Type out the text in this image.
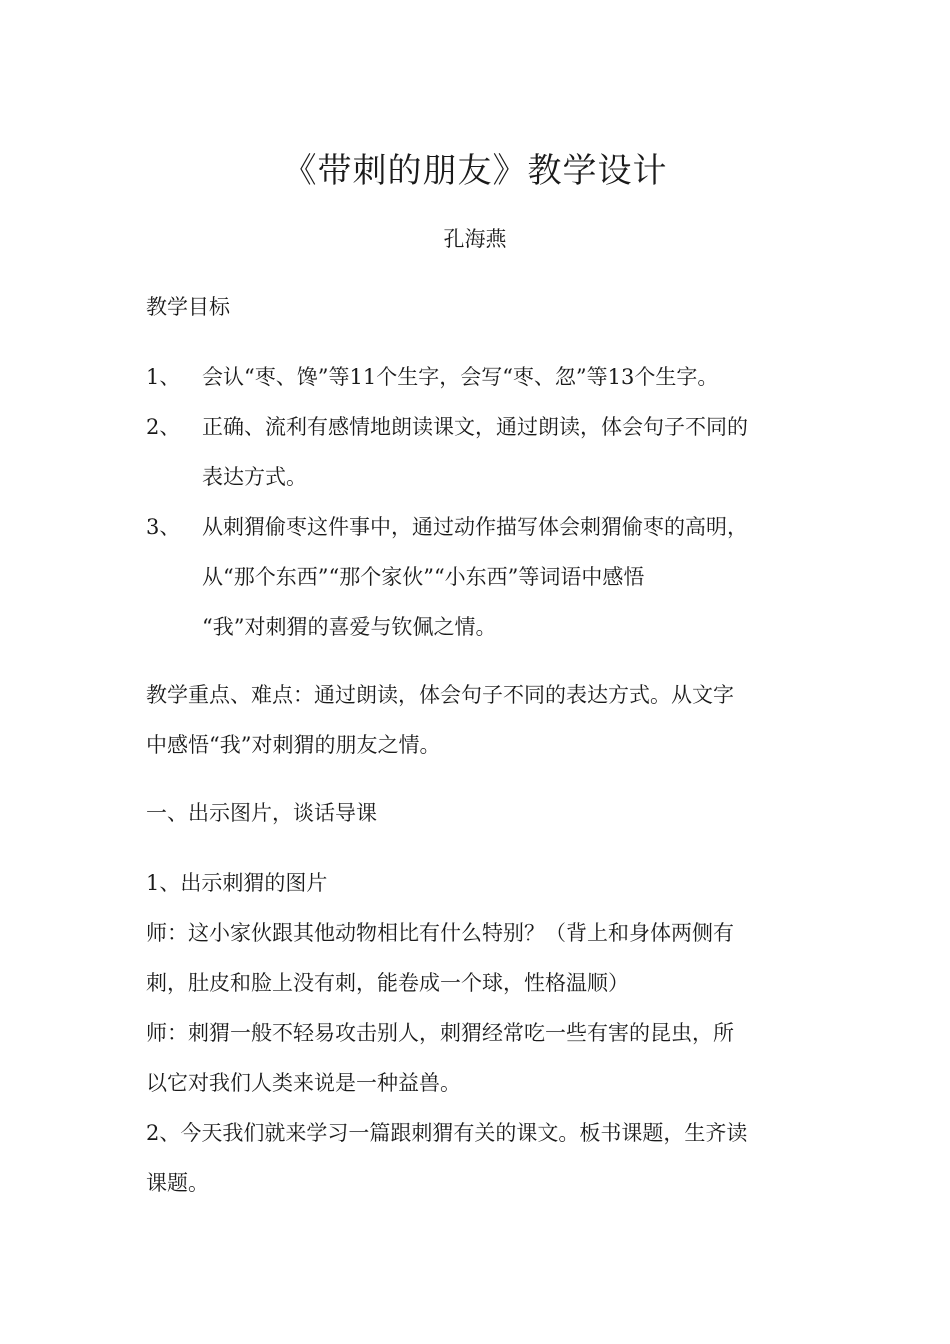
《带刺的朋友》教学设计
孔海燕
教学目标
1、 会认“枣、馋”等11个生字，会写“枣、忽”等13个生字。
2、 正确、流利有感情地朗读课文，通过朗读，体会句子不同的
表达方式。
3、 从刺猬偷枣这件事中，通过动作描写体会刺猬偷枣的高明，
从“那个东西”“那个家伙”“小东西”等词语中感悟
“我”对刺猬的喜爱与钦佩之情。
教学重点、难点：通过朗读，体会句子不同的表达方式。从文字
中感悟“我”对刺猬的朋友之情。
一、出示图片，谈话导课
1、出示刺猬的图片
师：这小家伙跟其他动物相比有什么特别？（背上和身体两侧有
刺，肚皮和脸上没有刺，能卷成一个球，性格温顺）
师：刺猬一般不轻易攻击别人，刺猬经常吃一些有害的昆虫，所
以它对我们人类来说是一种益兽。
2、今天我们就来学习一篇跟刺猬有关的课文。板书课题，生齐读
课题。
